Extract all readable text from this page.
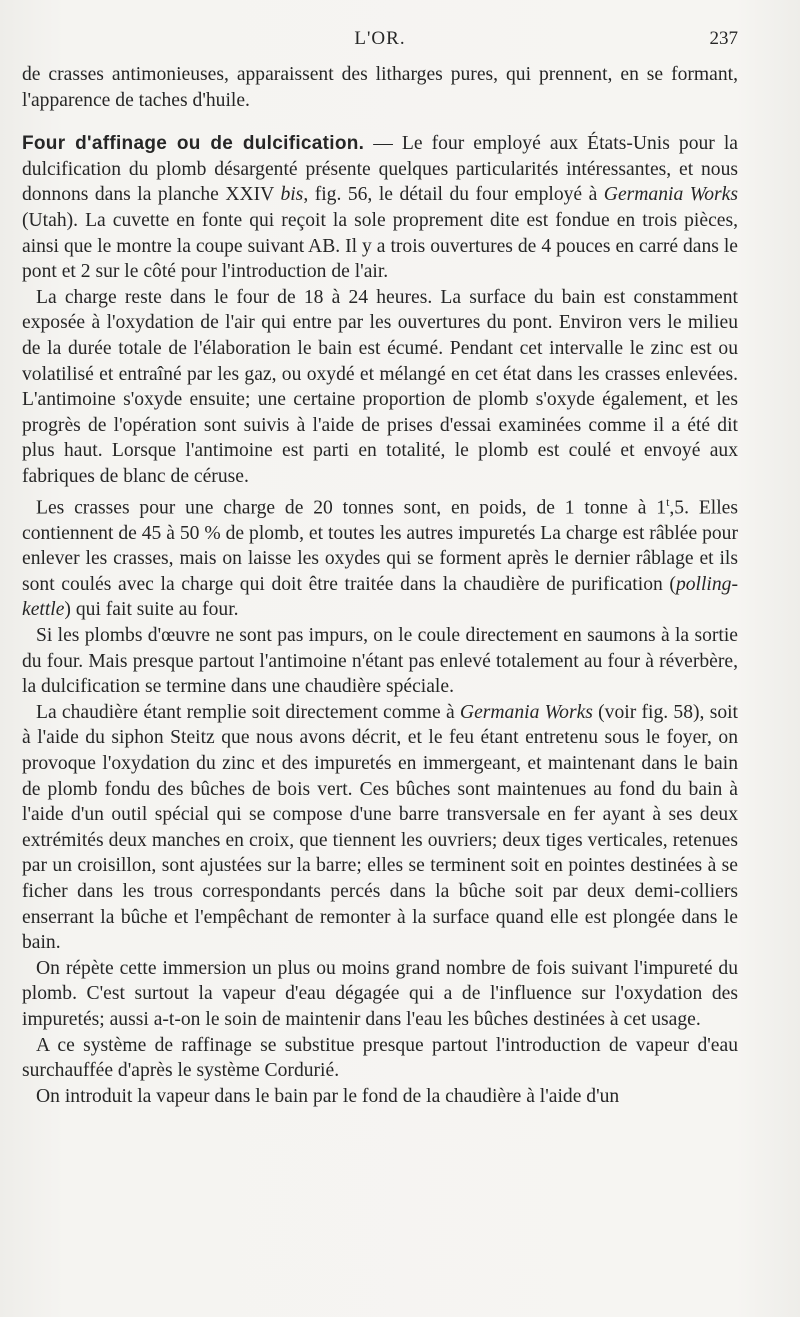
L'OR.	237

de crasses antimonieuses, apparaissent des litharges pures, qui prennent, en se formant, l'apparence de taches d'huile.

Four d'affinage ou de dulcification. — Le four employé aux États-Unis pour la dulcification du plomb désargenté présente quelques particularités intéressantes, et nous donnons dans la planche XXIV bis, fig. 56, le détail du four employé à Germania Works (Utah). La cuvette en fonte qui reçoit la sole proprement dite est fondue en trois pièces, ainsi que le montre la coupe suivant AB. Il y a trois ouvertures de 4 pouces en carré dans le pont et 2 sur le côté pour l'introduction de l'air.

La charge reste dans le four de 18 à 24 heures. La surface du bain est constamment exposée à l'oxydation de l'air qui entre par les ouvertures du pont. Environ vers le milieu de la durée totale de l'élaboration le bain est écumé. Pendant cet intervalle le zinc est ou volatilisé et entraîné par les gaz, ou oxydé et mélangé en cet état dans les crasses enlevées. L'antimoine s'oxyde ensuite; une certaine proportion de plomb s'oxyde également, et les progrès de l'opération sont suivis à l'aide de prises d'essai examinées comme il a été dit plus haut. Lorsque l'antimoine est parti en totalité, le plomb est coulé et envoyé aux fabriques de blanc de céruse.

Les crasses pour une charge de 20 tonnes sont, en poids, de 1 tonne à 1$^t$,5. Elles contiennent de 45 à 50 % de plomb, et toutes les autres impuretés La charge est râblée pour enlever les crasses, mais on laisse les oxydes qui se forment après le dernier râblage et ils sont coulés avec la charge qui doit être traitée dans la chaudière de purification (polling-kettle) qui fait suite au four.

Si les plombs d'œuvre ne sont pas impurs, on le coule directement en saumons à la sortie du four. Mais presque partout l'antimoine n'étant pas enlevé totalement au four à réverbère, la dulcification se termine dans une chaudière spéciale.

La chaudière étant remplie soit directement comme à Germania Works (voir fig. 58), soit à l'aide du siphon Steitz que nous avons décrit, et le feu étant entretenu sous le foyer, on provoque l'oxydation du zinc et des impuretés en immergeant, et maintenant dans le bain de plomb fondu des bûches de bois vert. Ces bûches sont maintenues au fond du bain à l'aide d'un outil spécial qui se compose d'une barre transversale en fer ayant à ses deux extrémités deux manches en croix, que tiennent les ouvriers; deux tiges verticales, retenues par un croisillon, sont ajustées sur la barre; elles se terminent soit en pointes destinées à se ficher dans les trous correspondants percés dans la bûche soit par deux demi-colliers enserrant la bûche et l'empêchant de remonter à la surface quand elle est plongée dans le bain.

On répète cette immersion un plus ou moins grand nombre de fois suivant l'impureté du plomb. C'est surtout la vapeur d'eau dégagée qui a de l'influence sur l'oxydation des impuretés; aussi a-t-on le soin de maintenir dans l'eau les bûches destinées à cet usage.

A ce système de raffinage se substitue presque partout l'introduction de vapeur d'eau surchauffée d'après le système Cordurié.

On introduit la vapeur dans le bain par le fond de la chaudière à l'aide d'un
